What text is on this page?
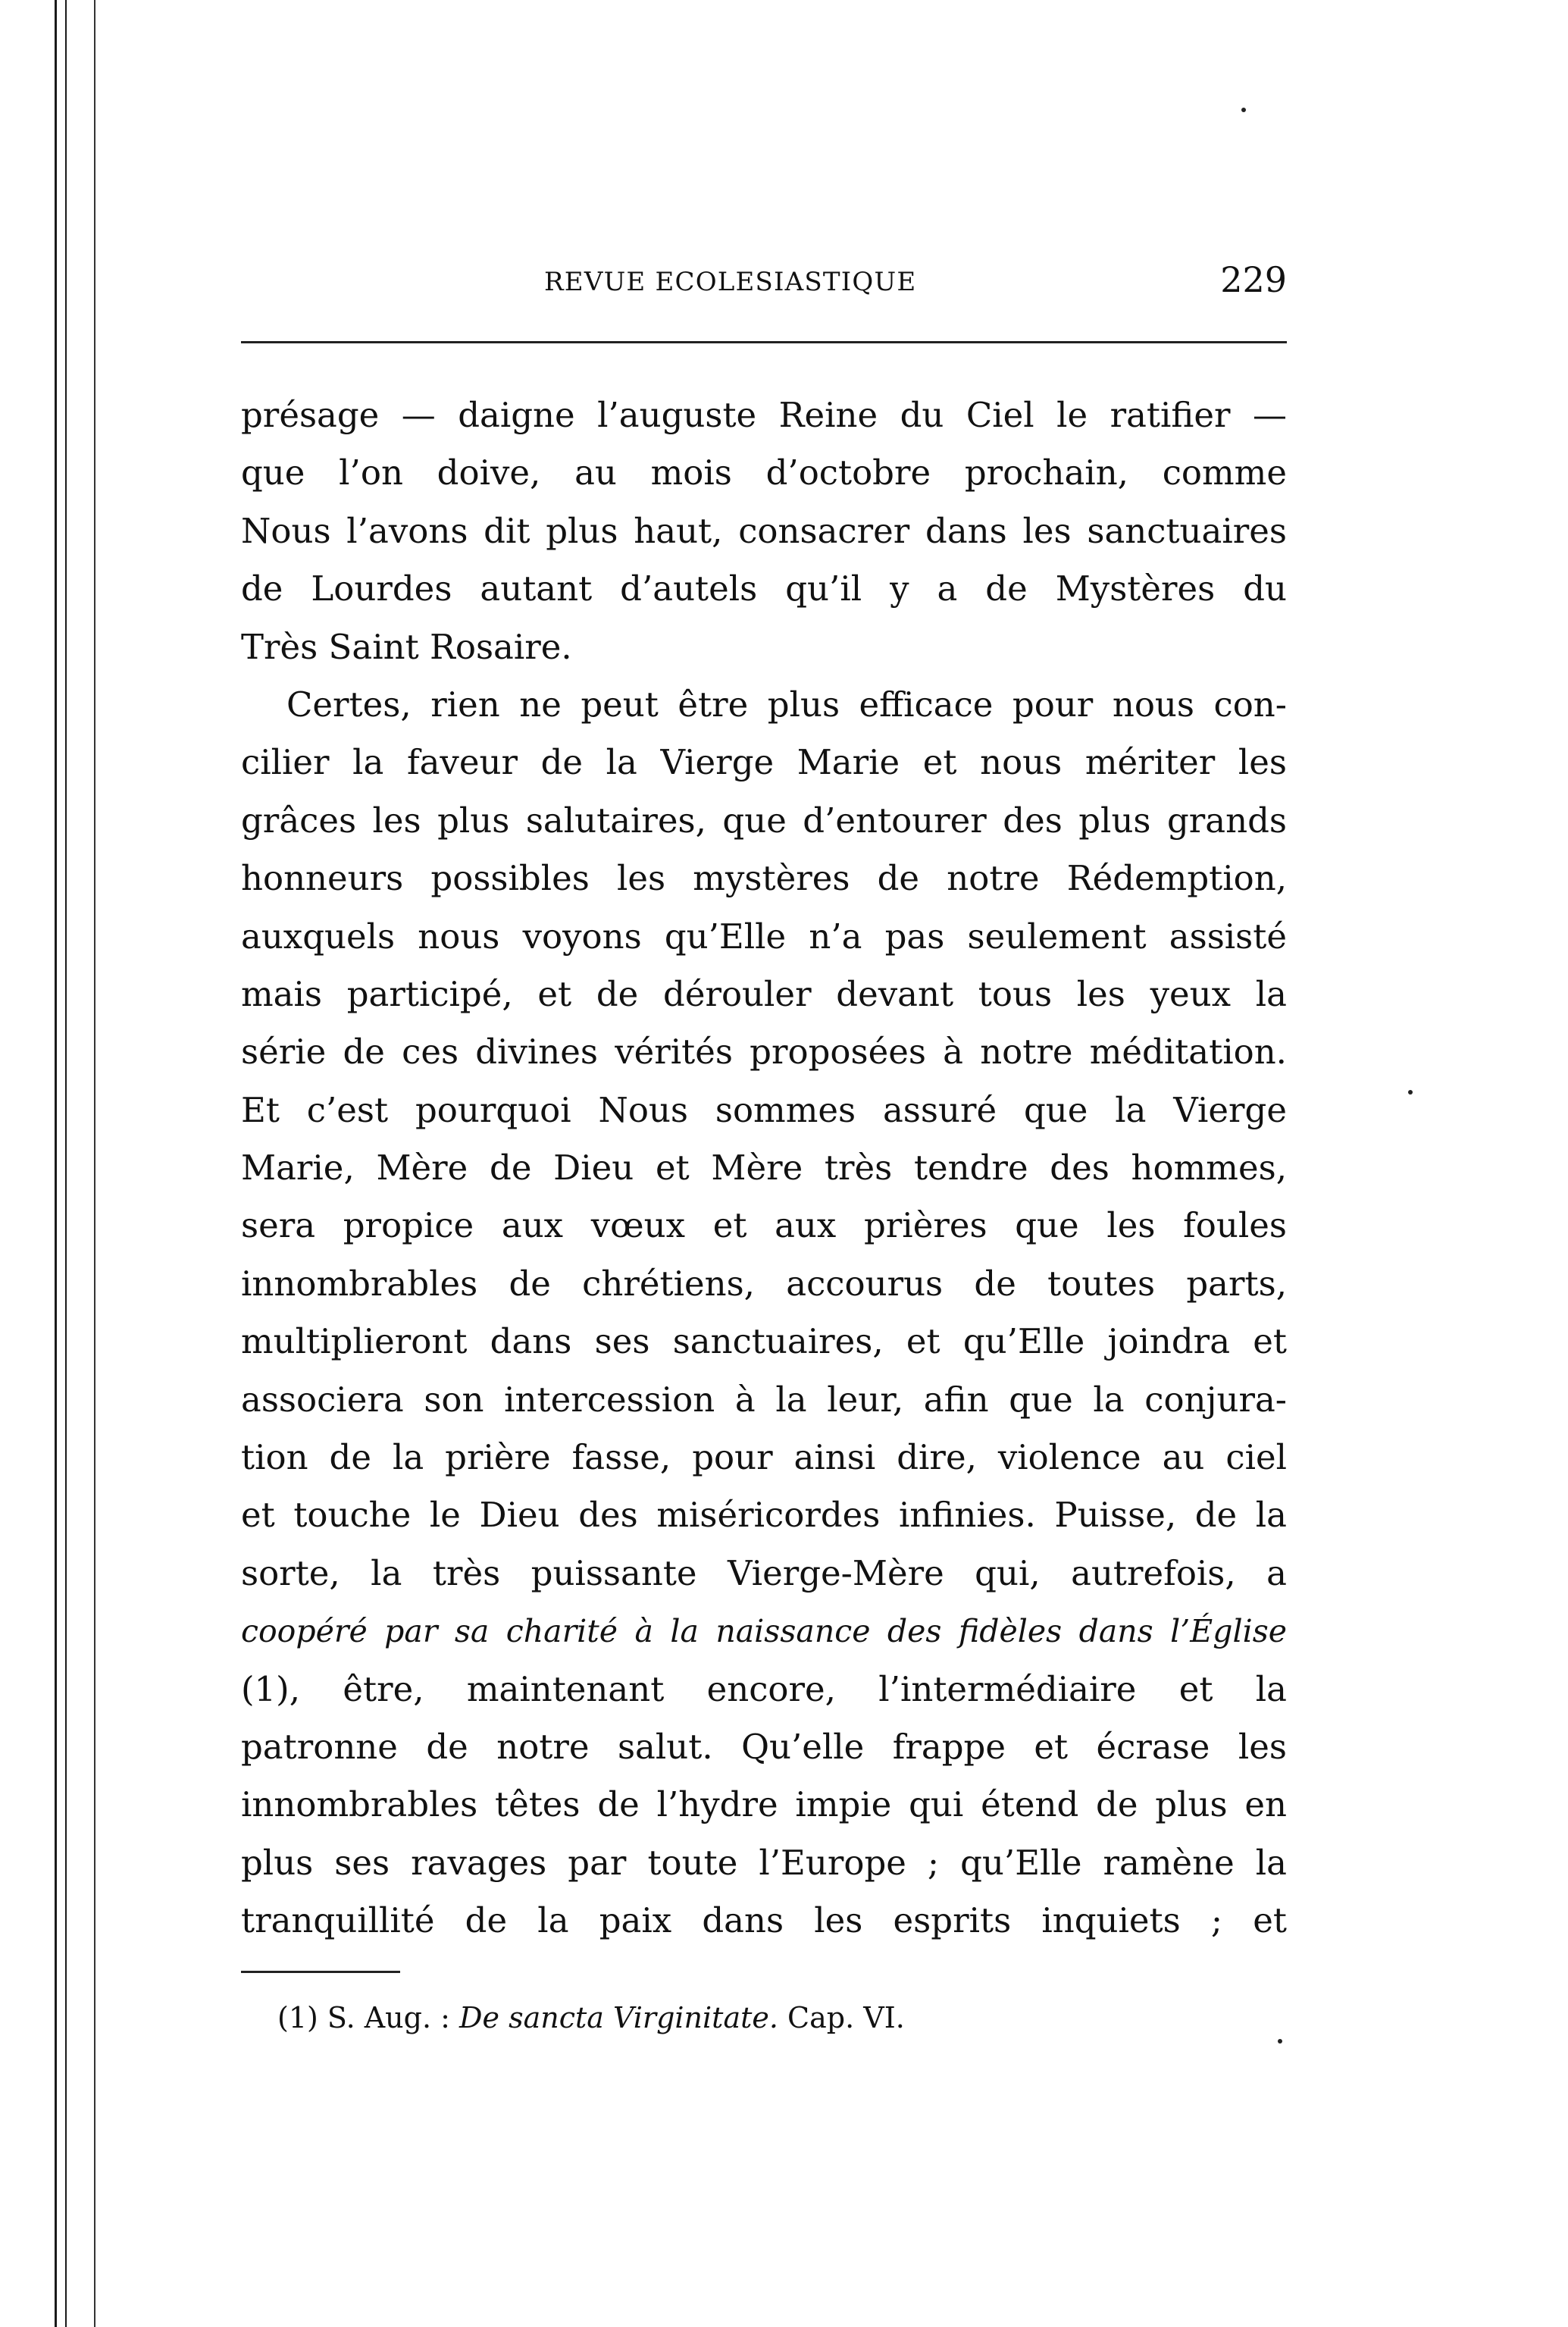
REVUE ECOLESIASTIQUE	229
présage — daigne l’auguste Reine du Ciel le ratifier —
que l’on doive, au mois d’octobre prochain, comme
Nous l’avons dit plus haut, consacrer dans les sanctuaires
de Lourdes autant d’autels qu’il y a de Mystères du
Très Saint Rosaire.
Certes, rien ne peut être plus efficace pour nous con-
cilier la faveur de la Vierge Marie et nous mériter les
grâces les plus salutaires, que d’entourer des plus grands
honneurs possibles les mystères de notre Rédemption,
auxquels nous voyons qu’Elle n’a pas seulement assisté
mais participé, et de dérouler devant tous les yeux la
série de ces divines vérités proposées à notre méditation.
Et c’est pourquoi Nous sommes assuré que la Vierge
Marie, Mère de Dieu et Mère très tendre des hommes,
sera propice aux vœux et aux prières que les foules
innombrables de chrétiens, accourus de toutes parts,
multiplieront dans ses sanctuaires, et qu’Elle joindra et
associera son intercession à la leur, afin que la conjura-
tion de la prière fasse, pour ainsi dire, violence au ciel
et touche le Dieu des miséricordes infinies. Puisse, de la
sorte, la très puissante Vierge-Mère qui, autrefois, a
coopéré par sa charité à la naissance des fidèles dans l’Église
(1), être, maintenant encore, l’intermédiaire et la
patronne de notre salut. Qu’elle frappe et écrase les
innombrables têtes de l’hydre impie qui étend de plus en
plus ses ravages par toute l’Europe ; qu’Elle ramène la
tranquillité de la paix dans les esprits inquiets ; et
(1) S. Aug. : De sancta Virginitate. Cap. VI.
